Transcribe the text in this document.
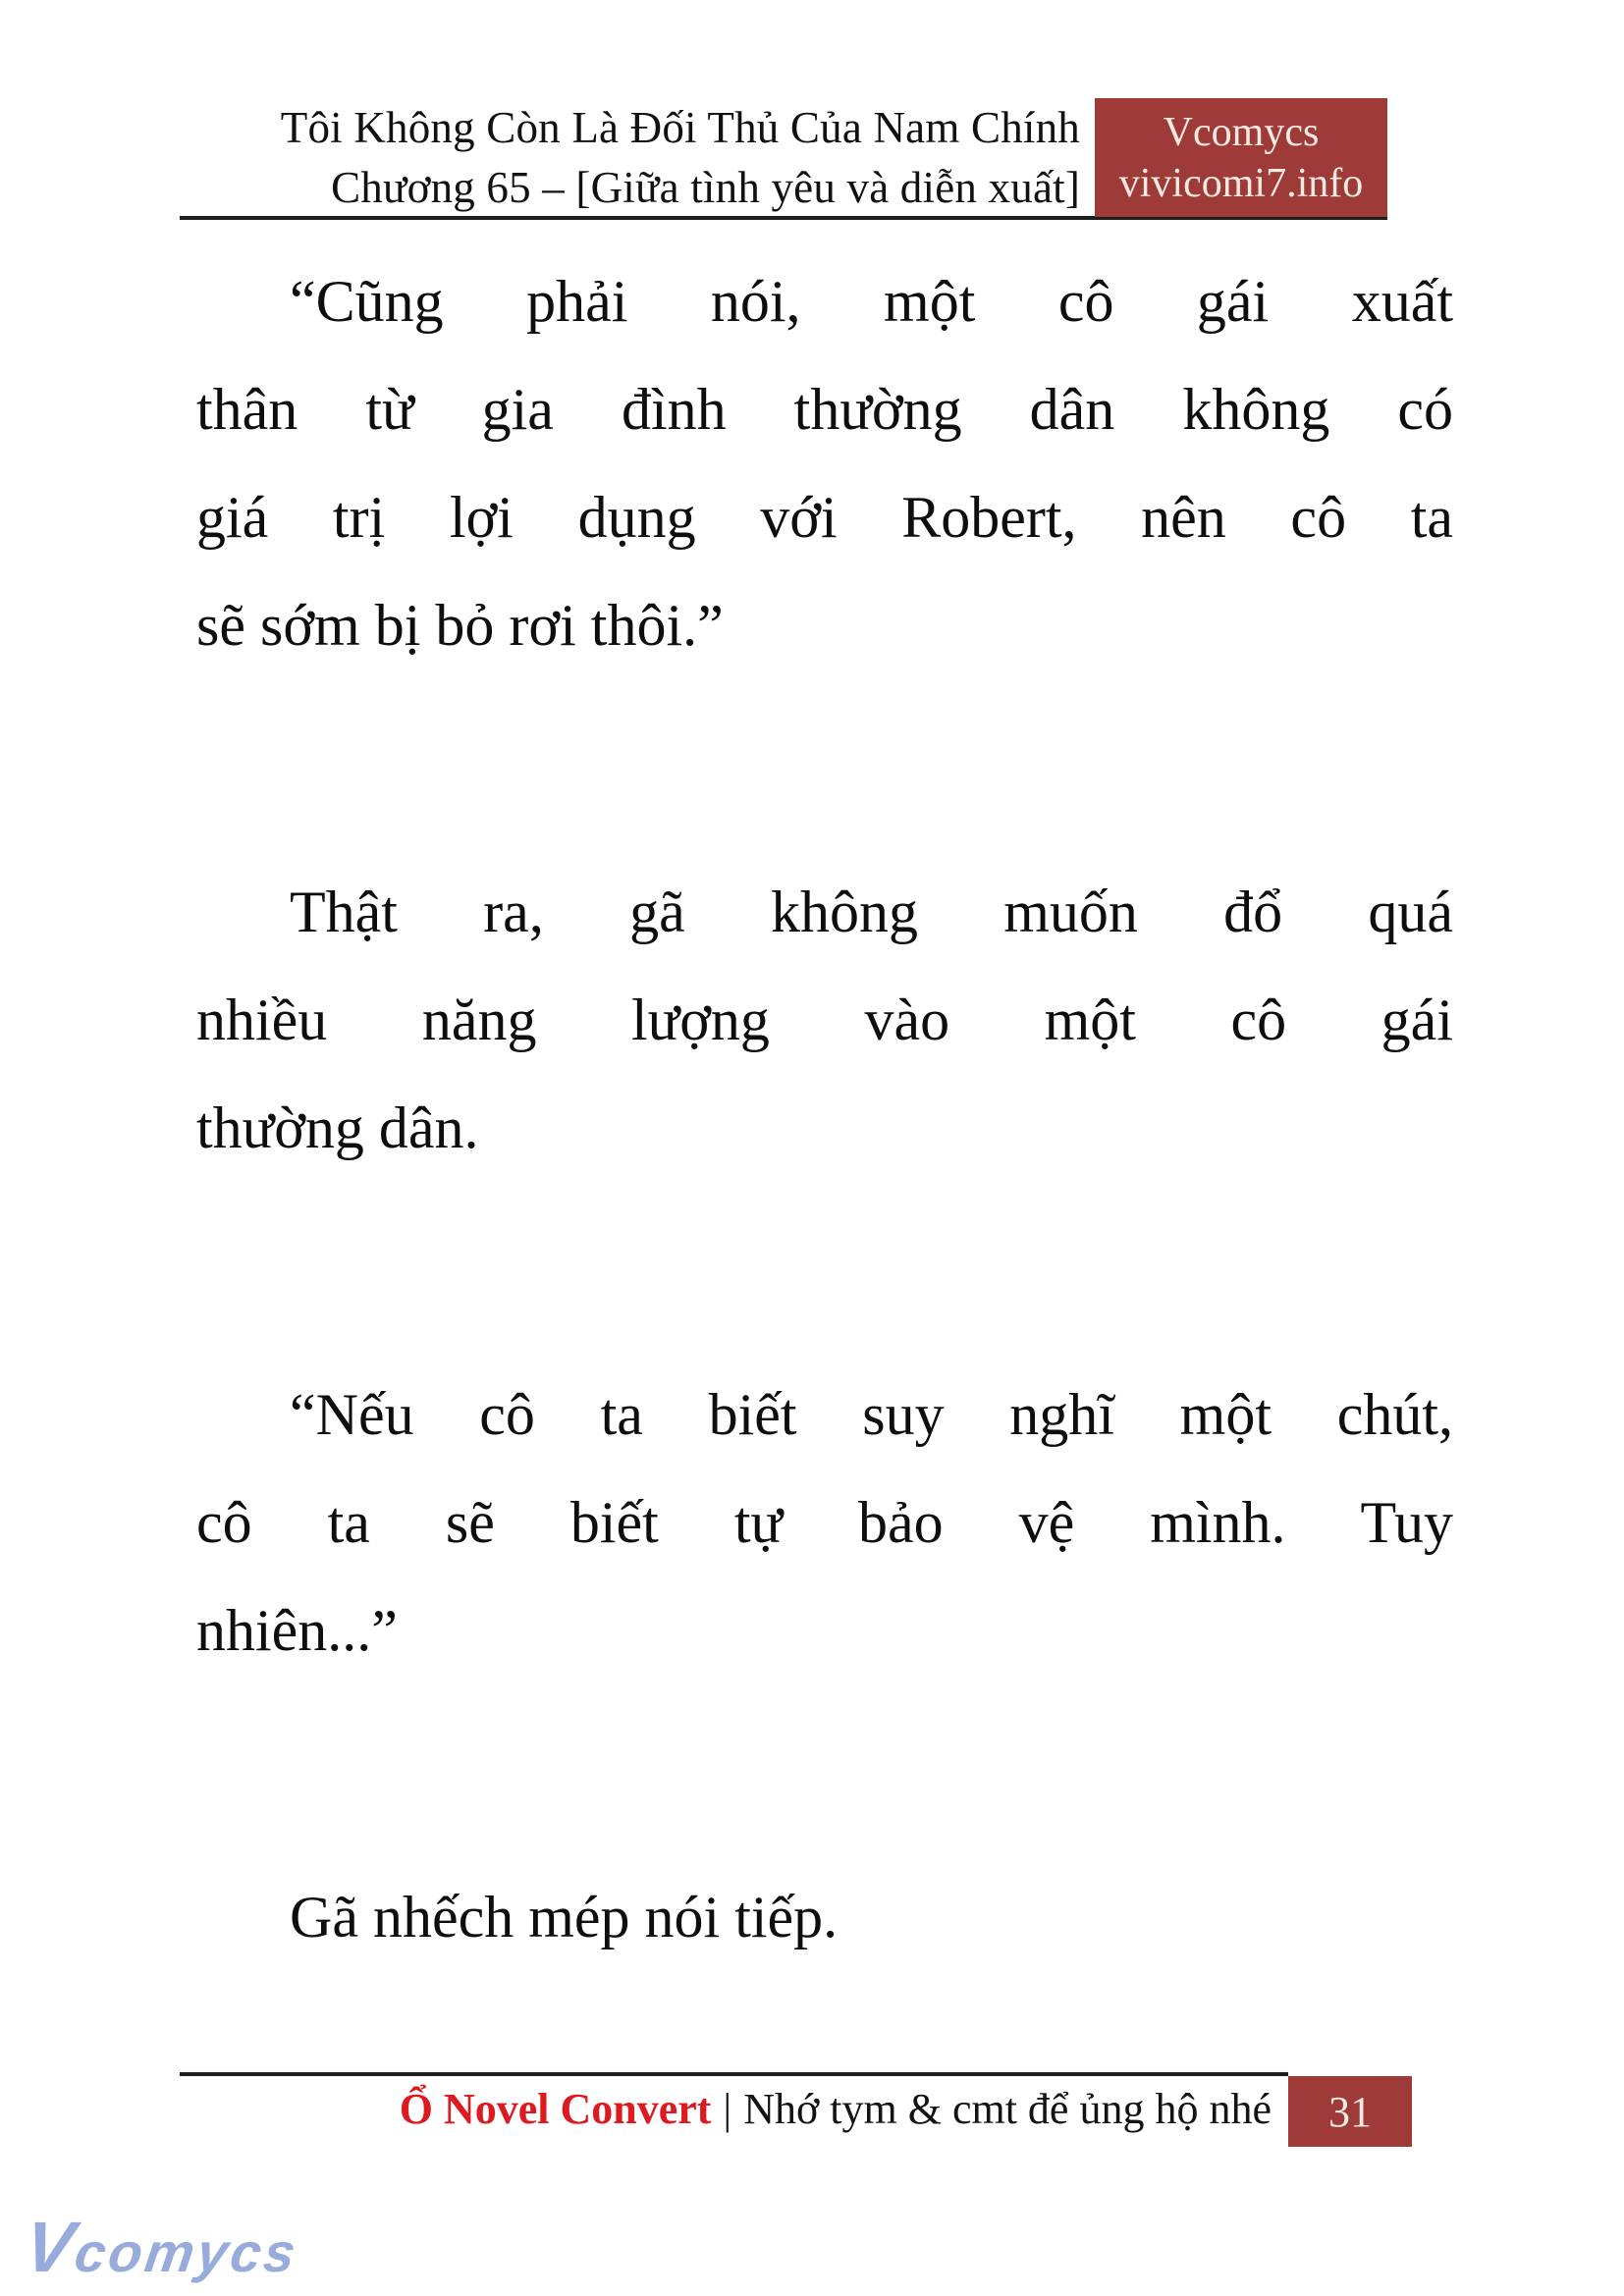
Tôi Không Còn Là Đối Thủ Của Nam Chính
Chương 65 – [Giữa tình yêu và diễn xuất]
Vcomycs
vivicomi7.info
“Cũng phải nói, một cô gái xuất
thân từ gia đình thường dân không có
giá trị lợi dụng với Robert, nên cô ta
sẽ sớm bị bỏ rơi thôi.”
Thật ra, gã không muốn đổ quá
nhiều năng lượng vào một cô gái
thường dân.
“Nếu cô ta biết suy nghĩ một chút,
cô ta sẽ biết tự bảo vệ mình. Tuy
nhiên...”
Gã nhếch mép nói tiếp.
Ổ Novel Convert | Nhớ tym & cmt để ủng hộ nhé 31
Vcomycs
